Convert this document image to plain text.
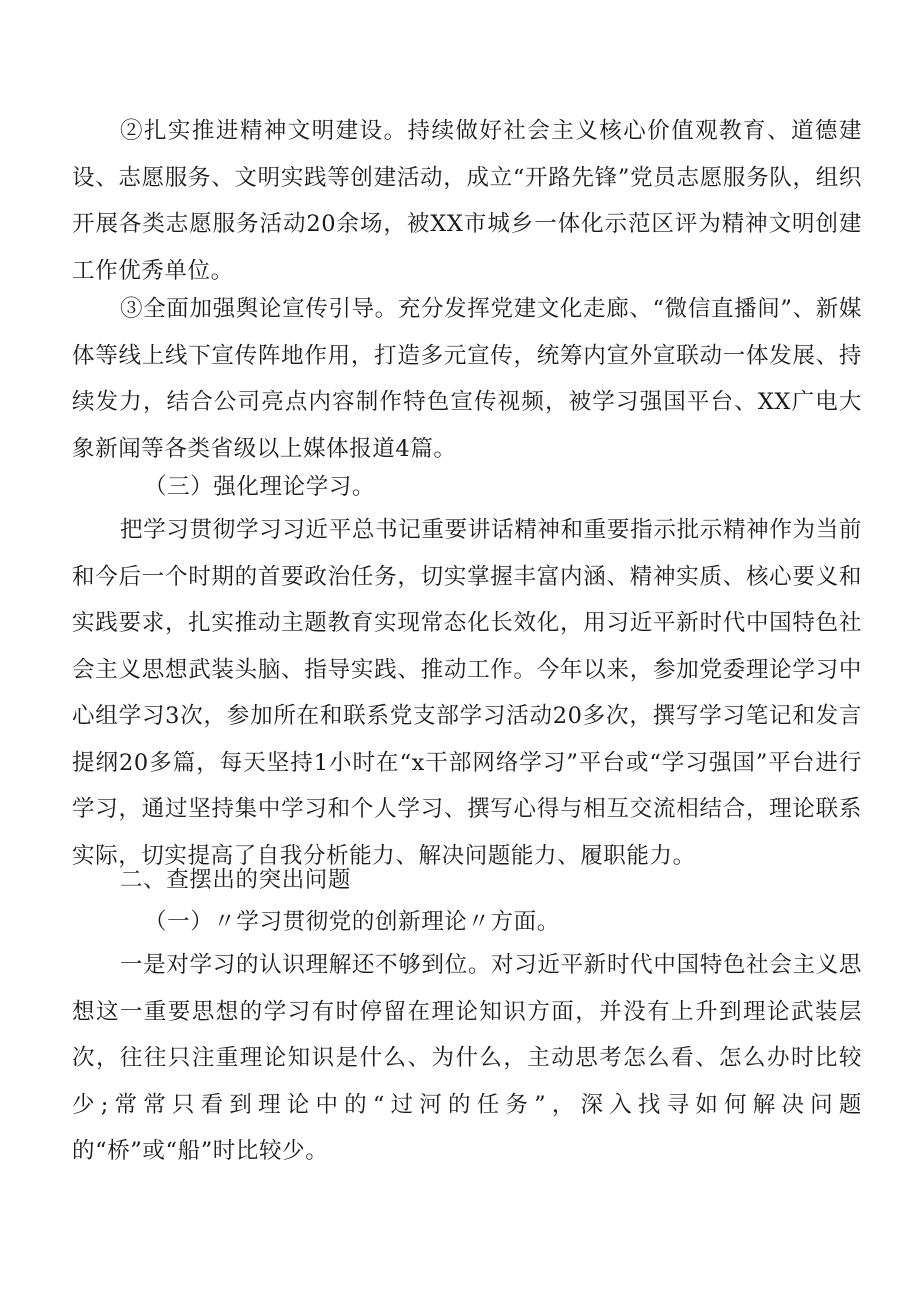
②扎实推进精神文明建设。持续做好社会主义核心价值观教育、道德建设、志愿服务、文明实践等创建活动，成立“开路先锋”党员志愿服务队，组织开展各类志愿服务活动20余场，被XX市城乡一体化示范区评为精神文明创建工作优秀单位。

③全面加强舆论宣传引导。充分发挥党建文化走廊、“微信直播间”、新媒体等线上线下宣传阵地作用，打造多元宣传，统筹内宣外宣联动一体发展、持续发力，结合公司亮点内容制作特色宣传视频，被学习强国平台、XX广电大象新闻等各类省级以上媒体报道4篇。

（三）强化理论学习。

把学习贯彻学习习近平总书记重要讲话精神和重要指示批示精神作为当前和今后一个时期的首要政治任务，切实掌握丰富内涵、精神实质、核心要义和实践要求，扎实推动主题教育实现常态化长效化，用习近平新时代中国特色社会主义思想武装头脑、指导实践、推动工作。今年以来，参加党委理论学习中心组学习3次，参加所在和联系党支部学习活动20多次，撰写学习笔记和发言提纲20多篇，每天坚持1小时在“x干部网络学习”平台或“学习强国”平台进行学习，通过坚持集中学习和个人学习、撰写心得与相互交流相结合，理论联系实际，切实提高了自我分析能力、解决问题能力、履职能力。

二、查摆出的突出问题

（一）〃学习贯彻党的创新理论〃方面。

一是对学习的认识理解还不够到位。对习近平新时代中国特色社会主义思想这一重要思想的学习有时停留在理论知识方面，并没有上升到理论武装层次，往往只注重理论知识是什么、为什么，主动思考怎么看、怎么办时比较少;常常只看到理论中的“过河的任务”，深入找寻如何解决问题的“桥”或“船”时比较少。
